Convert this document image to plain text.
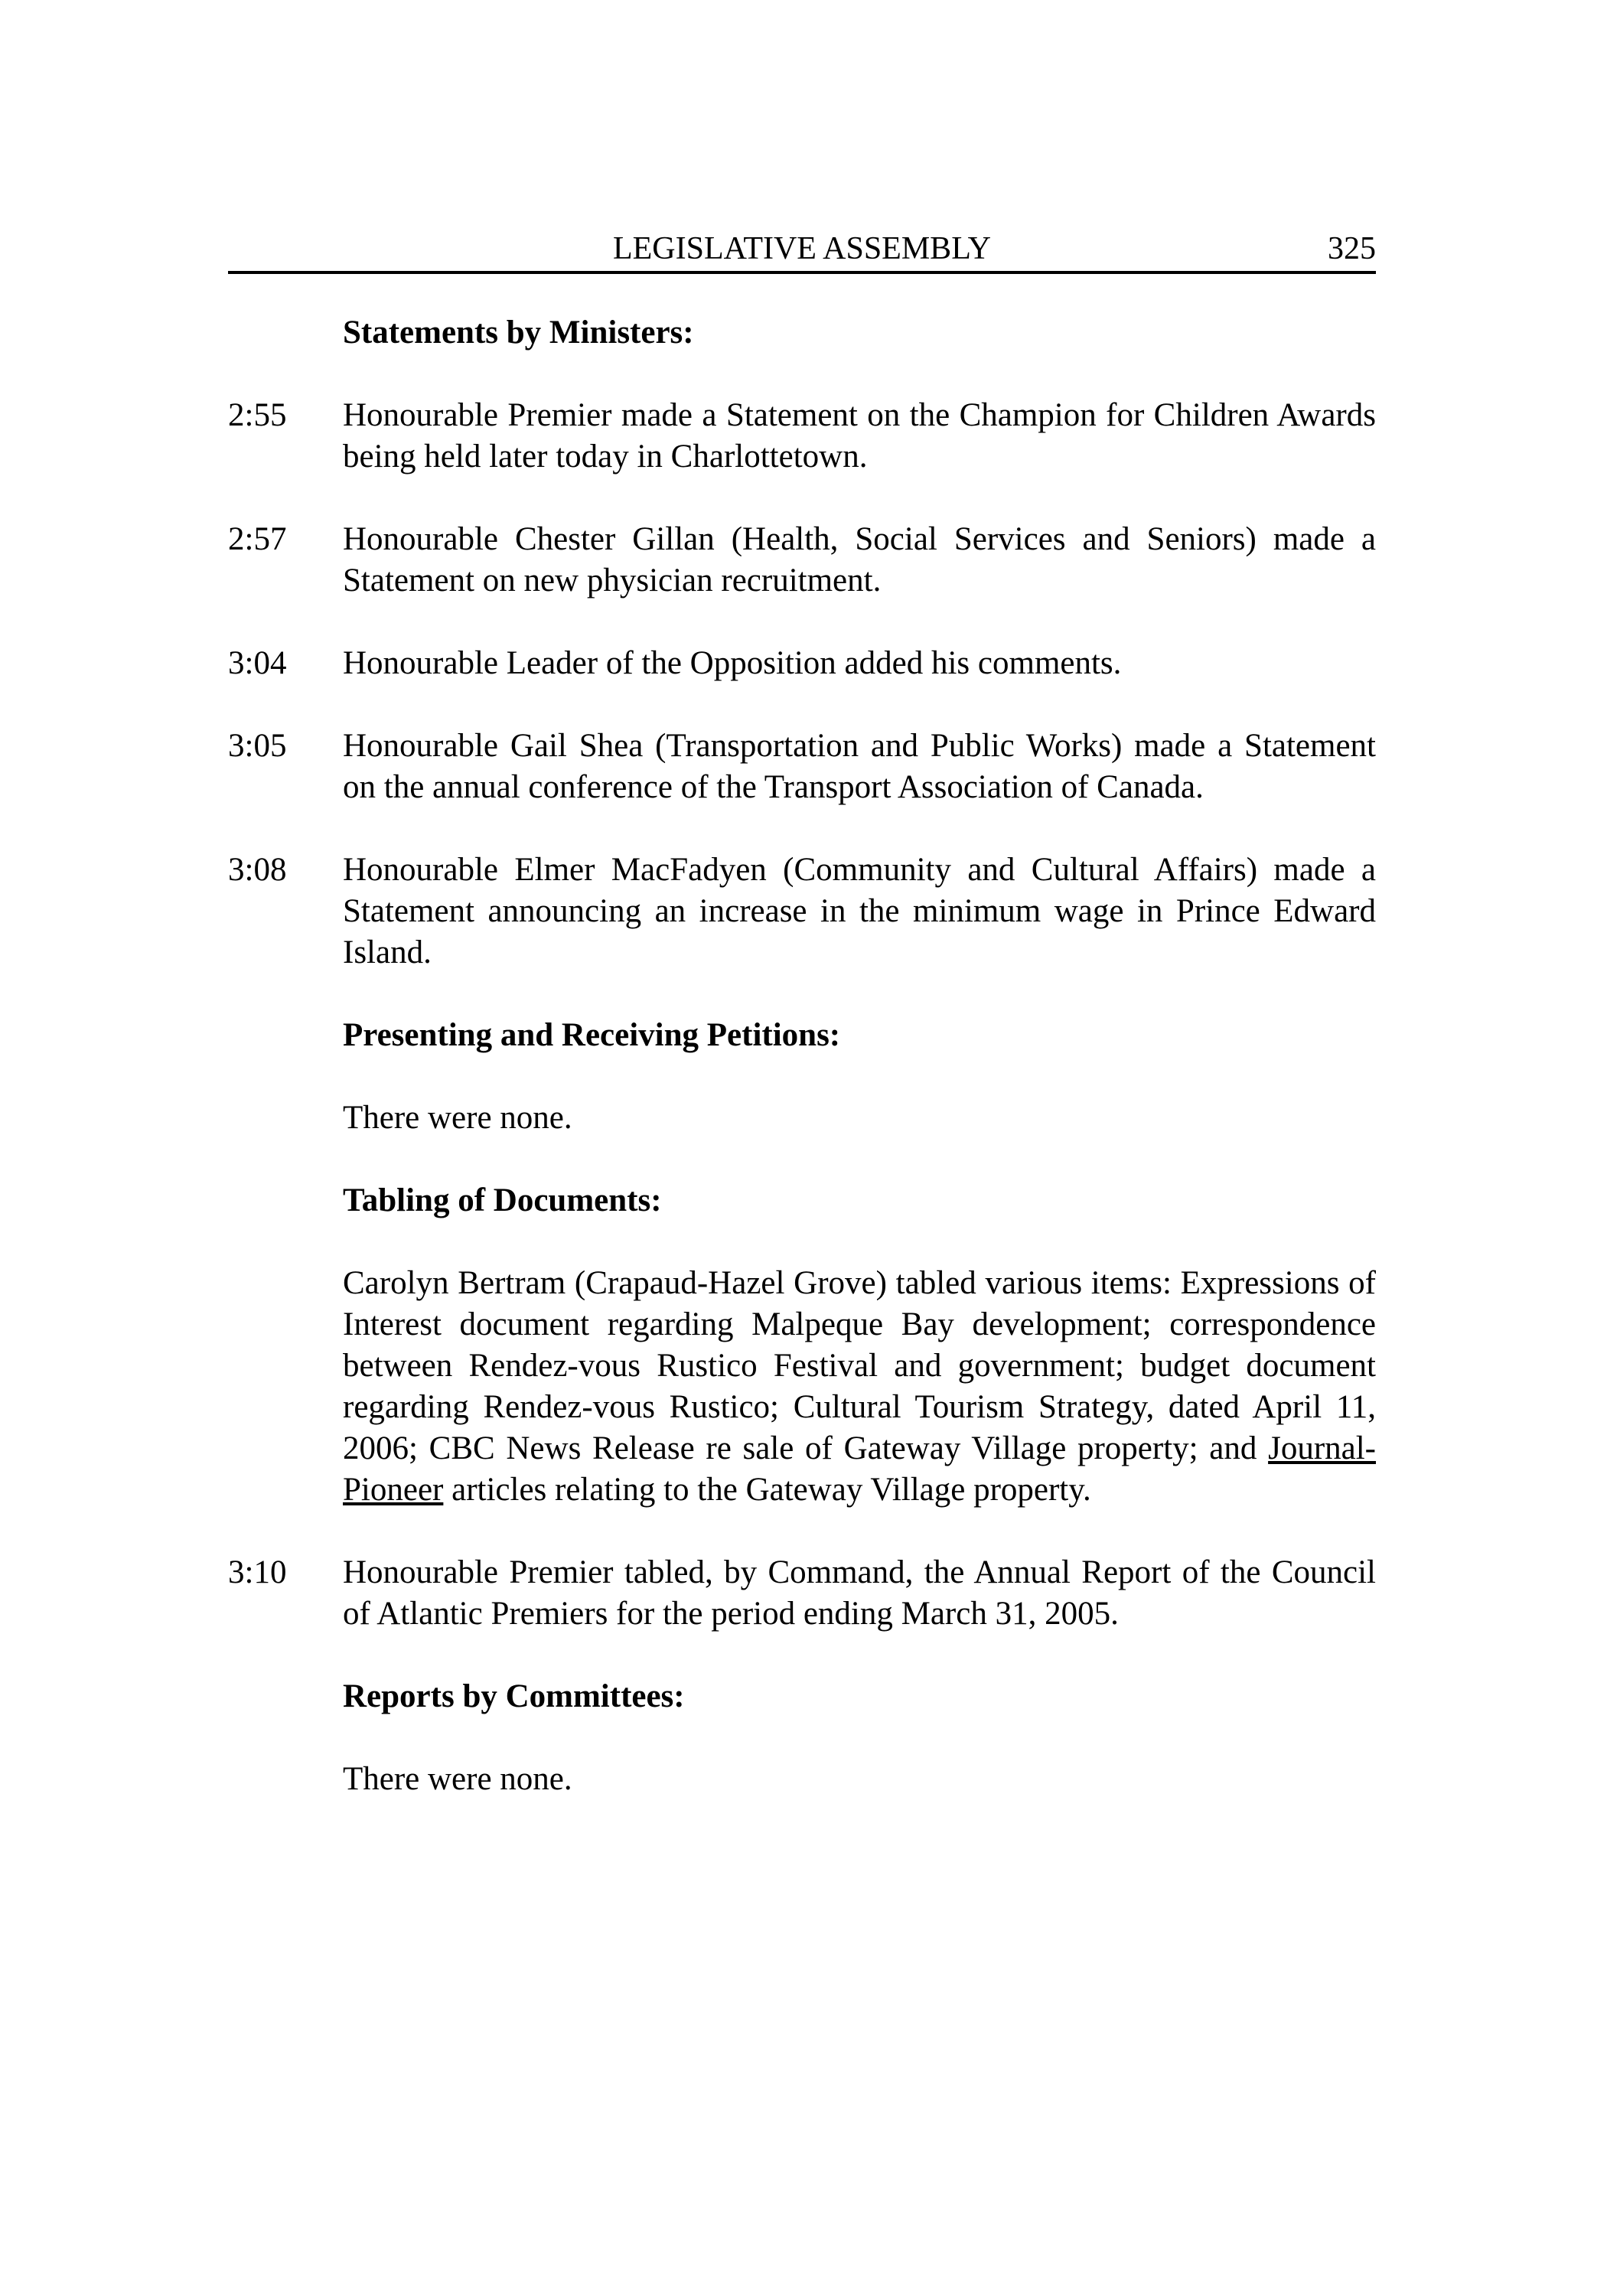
LEGISLATIVE ASSEMBLY	325
Statements by Ministers:
2:55	Honourable Premier made a Statement on the Champion for Children Awards being held later today in Charlottetown.
2:57	Honourable Chester Gillan (Health, Social Services and Seniors) made a Statement on new physician recruitment.
3:04	Honourable Leader of the Opposition added his comments.
3:05	Honourable Gail Shea (Transportation and Public Works) made a Statement on the annual conference of the Transport Association of Canada.
3:08	Honourable Elmer MacFadyen (Community and Cultural Affairs) made a Statement announcing an increase in the minimum wage in Prince Edward Island.
Presenting and Receiving Petitions:
There were none.
Tabling of Documents:
Carolyn Bertram (Crapaud-Hazel Grove) tabled various items: Expressions of Interest document regarding Malpeque Bay development; correspondence between Rendez-vous Rustico Festival and government; budget document regarding Rendez-vous Rustico; Cultural Tourism Strategy, dated April 11, 2006; CBC News Release re sale of Gateway Village property; and Journal-Pioneer articles relating to the Gateway Village property.
3:10	Honourable Premier tabled, by Command, the Annual Report of the Council of Atlantic Premiers for the period ending March 31, 2005.
Reports by Committees:
There were none.
